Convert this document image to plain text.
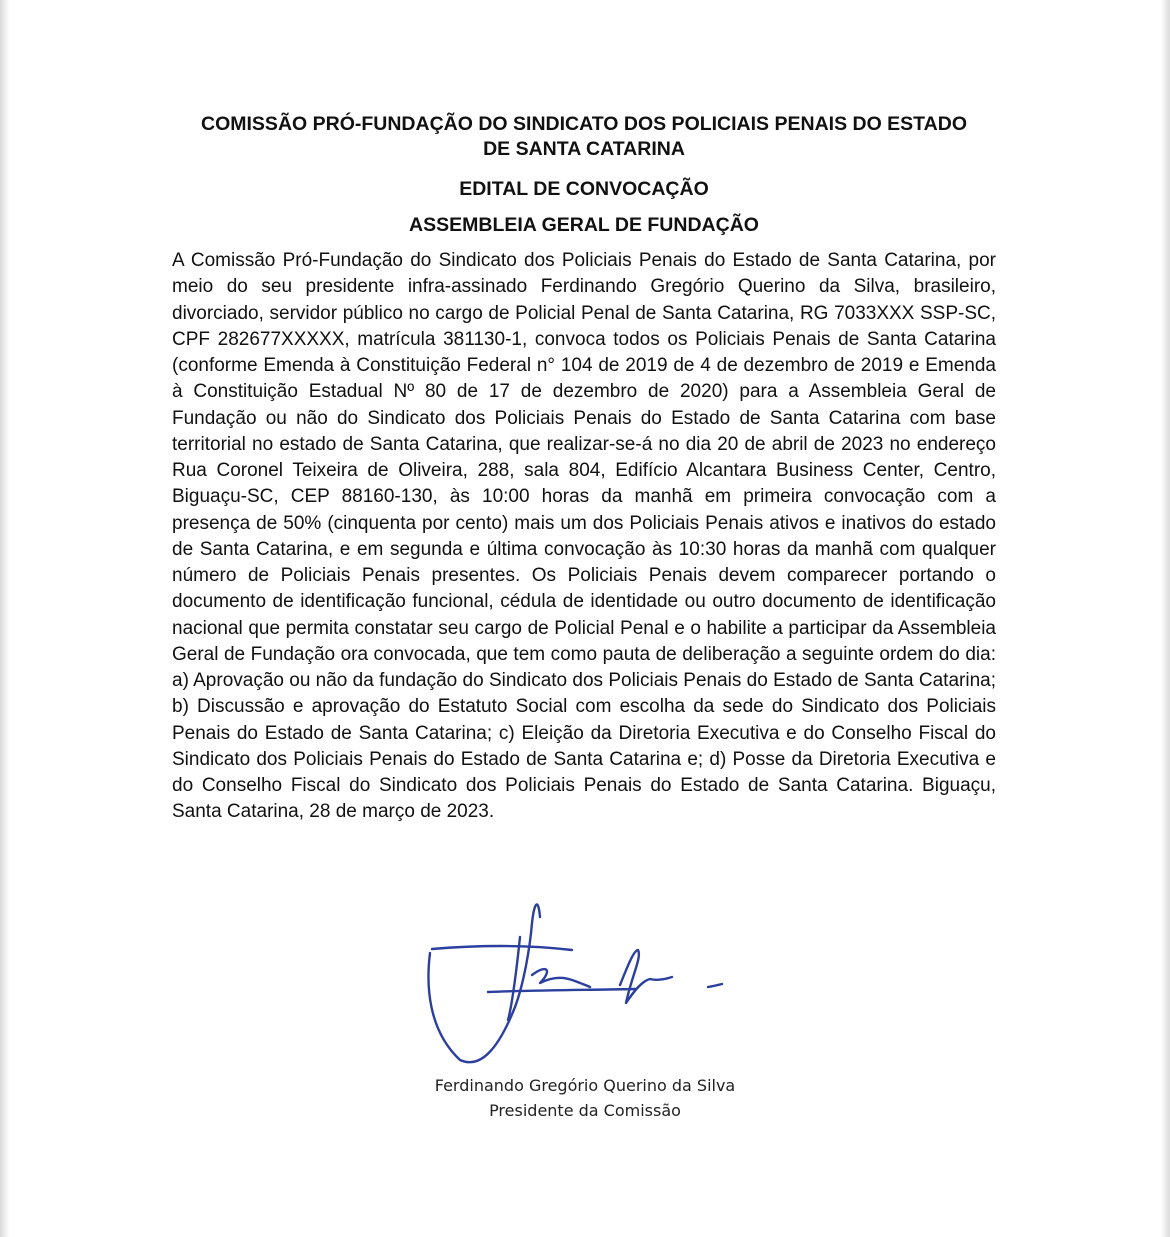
COMISSÃO PRÓ-FUNDAÇÃO DO SINDICATO DOS POLICIAIS PENAIS DO ESTADO DE SANTA CATARINA

EDITAL DE CONVOCAÇÃO

ASSEMBLEIA GERAL DE FUNDAÇÃO

A Comissão Pró-Fundação do Sindicato dos Policiais Penais do Estado de Santa Catarina, por meio do seu presidente infra-assinado Ferdinando Gregório Querino da Silva, brasileiro, divorciado, servidor público no cargo de Policial Penal de Santa Catarina, RG 7033XXX SSP-SC, CPF 282677XXXXX, matrícula 381130-1, convoca todos os Policiais Penais de Santa Catarina (conforme Emenda à Constituição Federal n° 104 de 2019 de 4 de dezembro de 2019 e Emenda à Constituição Estadual Nº 80 de 17 de dezembro de 2020) para a Assembleia Geral de Fundação ou não do Sindicato dos Policiais Penais do Estado de Santa Catarina com base territorial no estado de Santa Catarina, que realizar-se-á no dia 20 de abril de 2023 no endereço Rua Coronel Teixeira de Oliveira, 288, sala 804, Edifício Alcantara Business Center, Centro, Biguaçu-SC, CEP 88160-130, às 10:00 horas da manhã em primeira convocação com a presença de 50% (cinquenta por cento) mais um dos Policiais Penais ativos e inativos do estado de Santa Catarina, e em segunda e última convocação às 10:30 horas da manhã com qualquer número de Policiais Penais presentes. Os Policiais Penais devem comparecer portando o documento de identificação funcional, cédula de identidade ou outro documento de identificação nacional que permita constatar seu cargo de Policial Penal e o habilite a participar da Assembleia Geral de Fundação ora convocada, que tem como pauta de deliberação a seguinte ordem do dia: a) Aprovação ou não da fundação do Sindicato dos Policiais Penais do Estado de Santa Catarina; b) Discussão e aprovação do Estatuto Social com escolha da sede do Sindicato dos Policiais Penais do Estado de Santa Catarina; c) Eleição da Diretoria Executiva e do Conselho Fiscal do Sindicato dos Policiais Penais do Estado de Santa Catarina e; d) Posse da Diretoria Executiva e do Conselho Fiscal do Sindicato dos Policiais Penais do Estado de Santa Catarina. Biguaçu, Santa Catarina, 28 de março de 2023.

Ferdinando Gregório Querino da Silva
Presidente da Comissão
